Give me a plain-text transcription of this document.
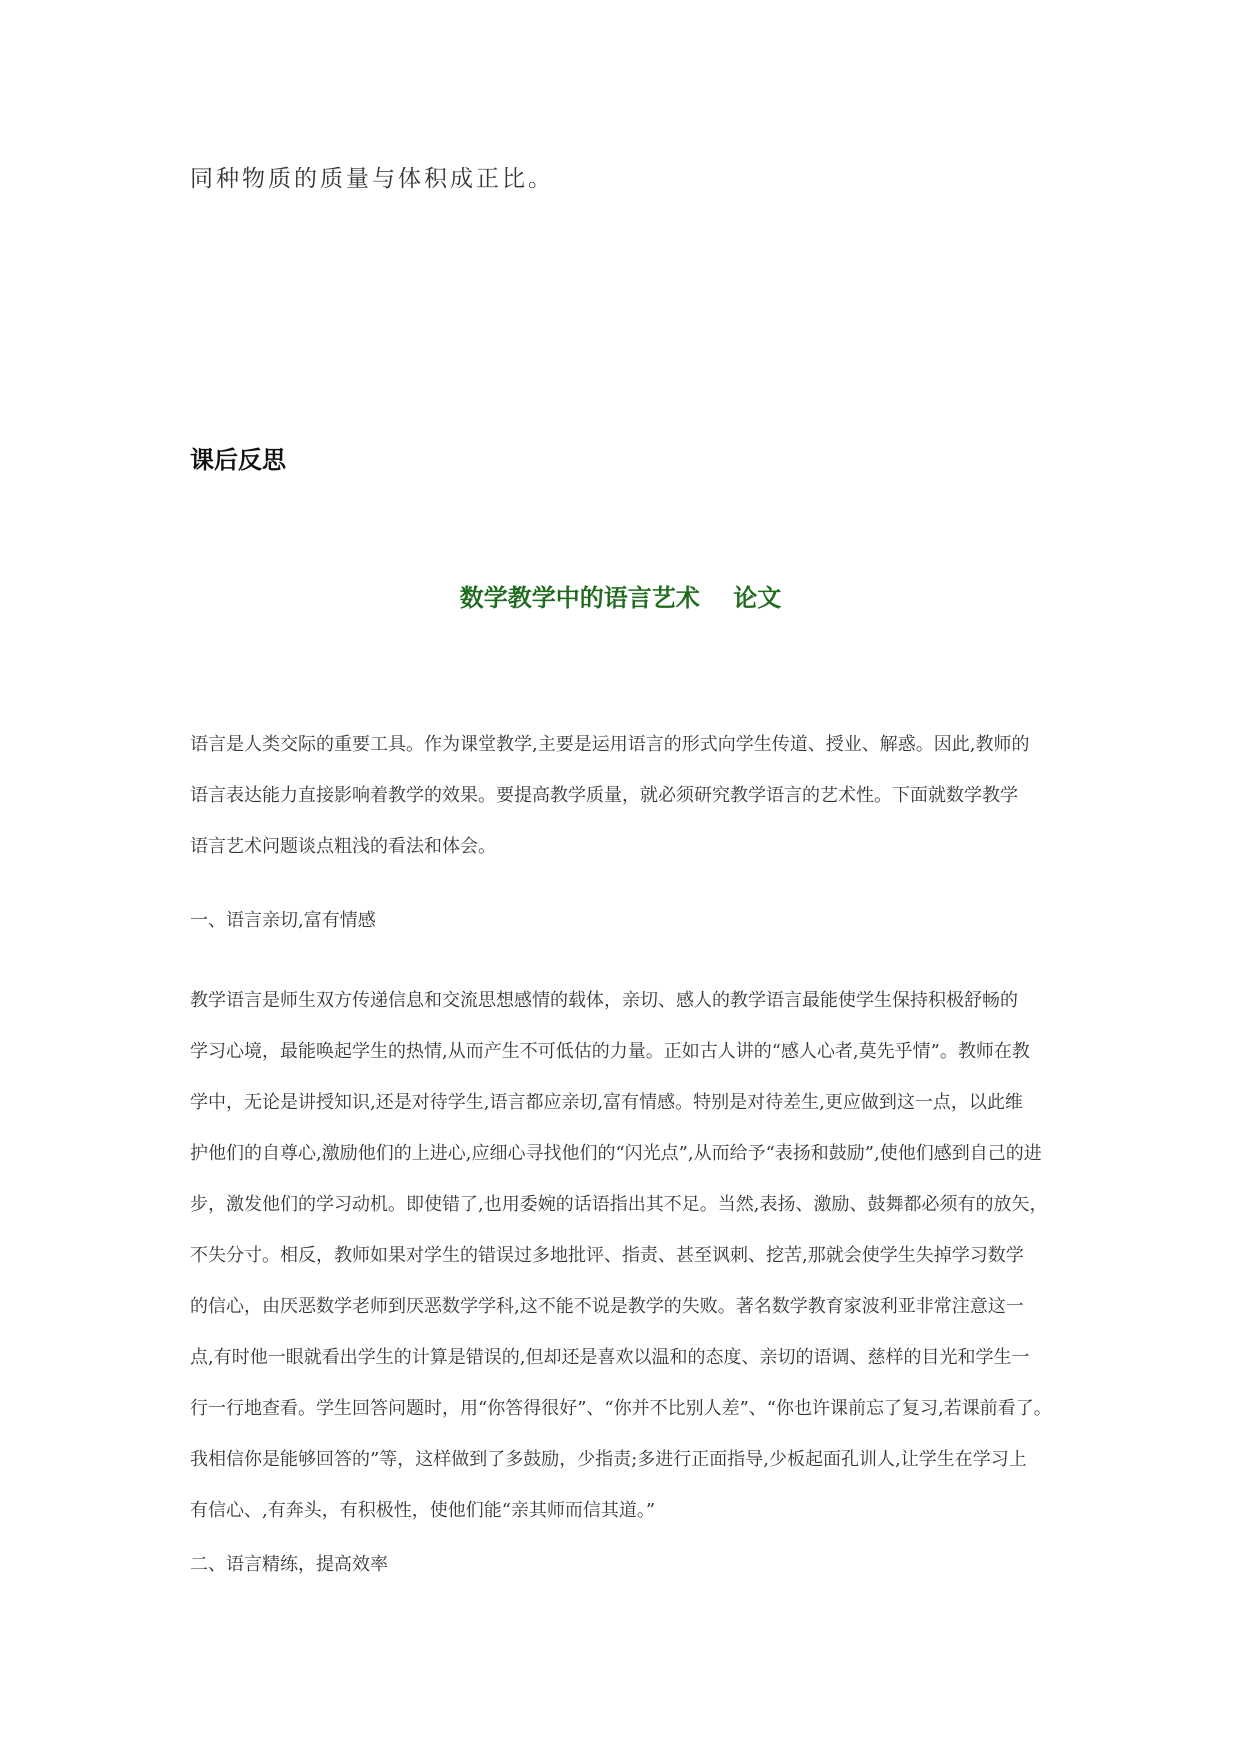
同种物质的质量与体积成正比。
课后反思
数学教学中的语言艺术 论文
语言是人类交际的重要工具。作为课堂教学,主要是运用语言的形式向学生传道、授业、解惑。因此,教师的
语言表达能力直接影响着教学的效果。要提高教学质量，就必须研究教学语言的艺术性。下面就数学教学
语言艺术问题谈点粗浅的看法和体会。
一、语言亲切,富有情感
教学语言是师生双方传递信息和交流思想感情的载体，亲切、感人的教学语言最能使学生保持积极舒畅的
学习心境，最能唤起学生的热情,从而产生不可低估的力量。正如古人讲的“感人心者,莫先乎情”。教师在教
学中，无论是讲授知识,还是对待学生,语言都应亲切,富有情感。特别是对待差生,更应做到这一点，以此维
护他们的自尊心,激励他们的上进心,应细心寻找他们的“闪光点”,从而给予“表扬和鼓励”,使他们感到自己的进
步，激发他们的学习动机。即使错了,也用委婉的话语指出其不足。当然,表扬、激励、鼓舞都必须有的放矢，
不失分寸。相反，教师如果对学生的错误过多地批评、指责、甚至讽刺、挖苦,那就会使学生失掉学习数学
的信心，由厌恶数学老师到厌恶数学学科,这不能不说是教学的失败。著名数学教育家波利亚非常注意这一
点,有时他一眼就看出学生的计算是错误的,但却还是喜欢以温和的态度、亲切的语调、慈样的目光和学生一
行一行地查看。学生回答问题时，用“你答得很好”、“你并不比别人差”、“你也许课前忘了复习,若课前看了。
我相信你是能够回答的”等，这样做到了多鼓励，少指责;多进行正面指导,少板起面孔训人,让学生在学习上
有信心、,有奔头，有积极性，使他们能“亲其师而信其道。”
二、语言精练，提高效率
